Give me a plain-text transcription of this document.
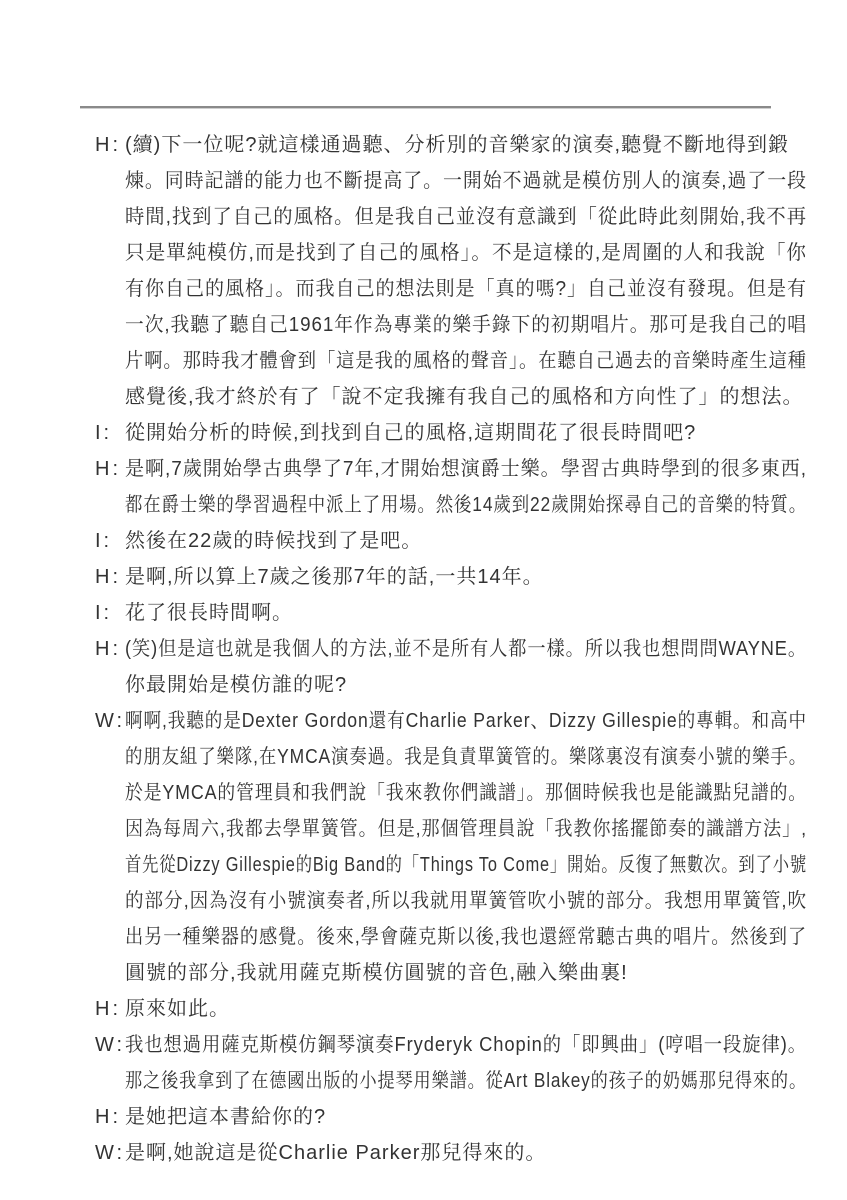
H: (續)下一位呢?就這樣通過聽、分析別的音樂家的演奏,聽覺不斷地得到鍛
煉。同時記譜的能力也不斷提高了。一開始不過就是模仿別人的演奏,過了一段
時間,找到了自己的風格。但是我自己並沒有意識到「從此時此刻開始,我不再
只是單純模仿,而是找到了自己的風格」。不是這樣的,是周圍的人和我說「你
有你自己的風格」。而我自己的想法則是「真的嗎?」自己並沒有發現。但是有
一次,我聽了聽自己1961年作為專業的樂手錄下的初期唱片。那可是我自己的唱
片啊。那時我才體會到「這是我的風格的聲音」。在聽自己過去的音樂時產生這種
感覺後,我才終於有了「說不定我擁有我自己的風格和方向性了」的想法。
I: 從開始分析的時候,到找到自己的風格,這期間花了很長時間吧?
H: 是啊,7歲開始學古典學了7年,才開始想演爵士樂。學習古典時學到的很多東西,
都在爵士樂的學習過程中派上了用場。然後14歲到22歲開始探尋自己的音樂的特質。
I: 然後在22歲的時候找到了是吧。
H: 是啊,所以算上7歲之後那7年的話,一共14年。
I: 花了很長時間啊。
H: (笑)但是這也就是我個人的方法,並不是所有人都一樣。所以我也想問問WAYNE。
你最開始是模仿誰的呢?
W:啊啊,我聽的是Dexter Gordon還有Charlie Parker、Dizzy Gillespie的專輯。和高中
的朋友組了樂隊,在YMCA演奏過。我是負責單簧管的。樂隊裏沒有演奏小號的樂手。
於是YMCA的管理員和我們說「我來教你們識譜」。那個時候我也是能識點兒譜的。
因為每周六,我都去學單簧管。但是,那個管理員說「我教你搖擺節奏的識譜方法」,
首先從Dizzy Gillespie的Big Band的「Things To Come」開始。反復了無數次。到了小號
的部分,因為沒有小號演奏者,所以我就用單簧管吹小號的部分。我想用單簧管,吹
出另一種樂器的感覺。後來,學會薩克斯以後,我也還經常聽古典的唱片。然後到了
圓號的部分,我就用薩克斯模仿圓號的音色,融入樂曲裏!
H: 原來如此。
W:我也想過用薩克斯模仿鋼琴演奏Fryderyk Chopin的「即興曲」(哼唱一段旋律)。
那之後我拿到了在德國出版的小提琴用樂譜。從Art Blakey的孩子的奶媽那兒得來的。
H: 是她把這本書給你的?
W:是啊,她說這是從Charlie Parker那兒得來的。
